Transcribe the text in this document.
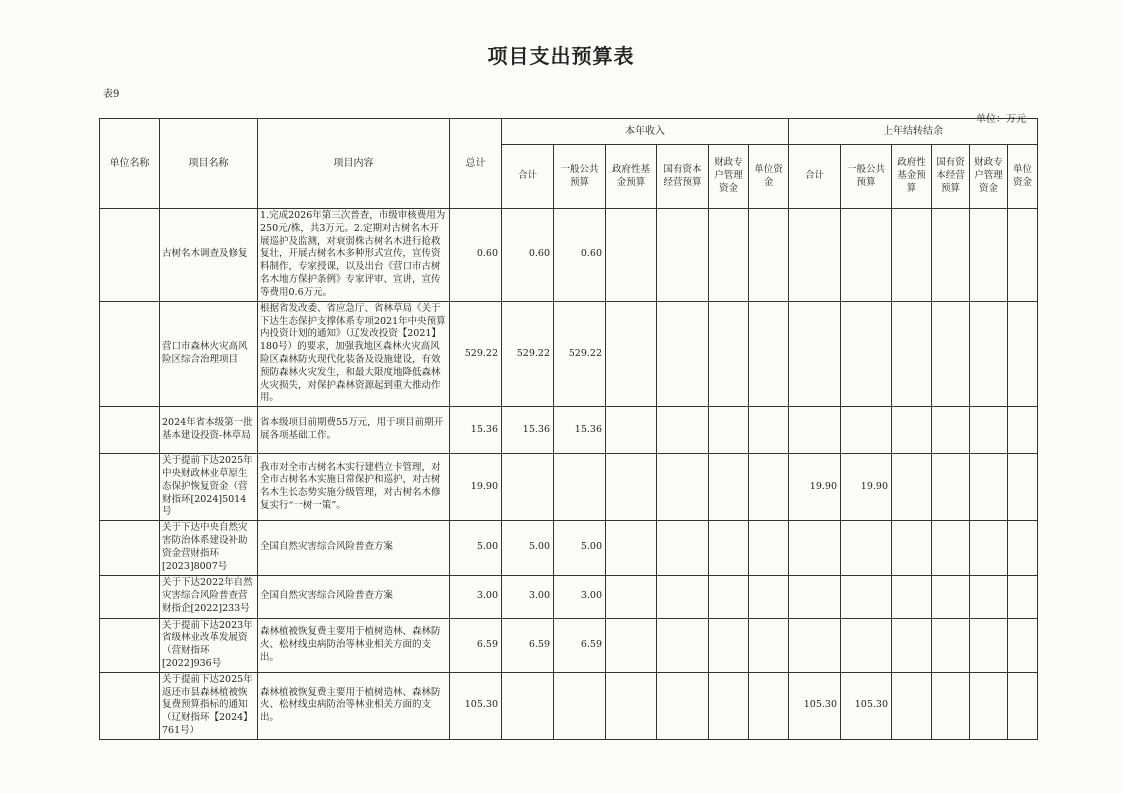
项目支出预算表
表9
单位：万元
单位名称	项目名称	项目内容	总计	本年收入						上年结转结余					
				合计	一般公共预算	政府性基金预算	国有资本经营预算	财政专户管理资金	单位资金	合计	一般公共预算	政府性基金预算	国有资本经营预算	财政专户管理资金	单位资金
	古树名木调查及修复	1.完成2026年第三次普查，市级审核费用为250元/株，共3万元。2.定期对古树名木开展巡护及监测，对衰弱株古树名木进行抢救复壮，开展古树名木多种形式宣传，宣传资料制作，专家授课，以及出台《营口市古树名木地方保护条例》专家评审、宣讲，宣传等费用0.6万元。	0.60	0.60	0.60										
	营口市森林火灾高风险区综合治理项目	根据省发改委、省应急厅、省林草局《关于下达生态保护支撑体系专项2021年中央预算内投资计划的通知》（辽发改投资【2021】180号）的要求，加强我地区森林火灾高风险区森林防火现代化装备及设施建设，有效预防森林火灾发生，和最大限度地降低森林火灾损失，对保护森林资源起到重大推动作用。	529.22	529.22	529.22										
	2024年省本级第一批基本建设投资-林草局	省本级项目前期费55万元，用于项目前期开展各项基础工作。	15.36	15.36	15.36										
	关于提前下达2025年中央财政林业草原生态保护恢复资金（营财指环[2024]5014号	我市对全市古树名木实行建档立卡管理，对全市古树名木实施日常保护和巡护，对古树名木生长态势实施分级管理，对古树名木修复实行“一树一策”。	19.90							19.90	19.90				
	关于下达中央自然灾害防治体系建设补助资金营财指环[2023]8007号	全国自然灾害综合风险普查方案	5.00	5.00	5.00										
	关于下达2022年自然灾害综合风险普查营财指企[2022]233号	全国自然灾害综合风险普查方案	3.00	3.00	3.00										
	关于提前下达2023年省级林业改革发展资（营财指环[2022]936号	森林植被恢复费主要用于植树造林、森林防火、松材线虫病防治等林业相关方面的支出。	6.59	6.59	6.59										
	关于提前下达2025年返还市县森林植被恢复费预算指标的通知（辽财指环【2024】761号）	森林植被恢复费主要用于植树造林、森林防火、松材线虫病防治等林业相关方面的支出。	105.30							105.30	105.30				
